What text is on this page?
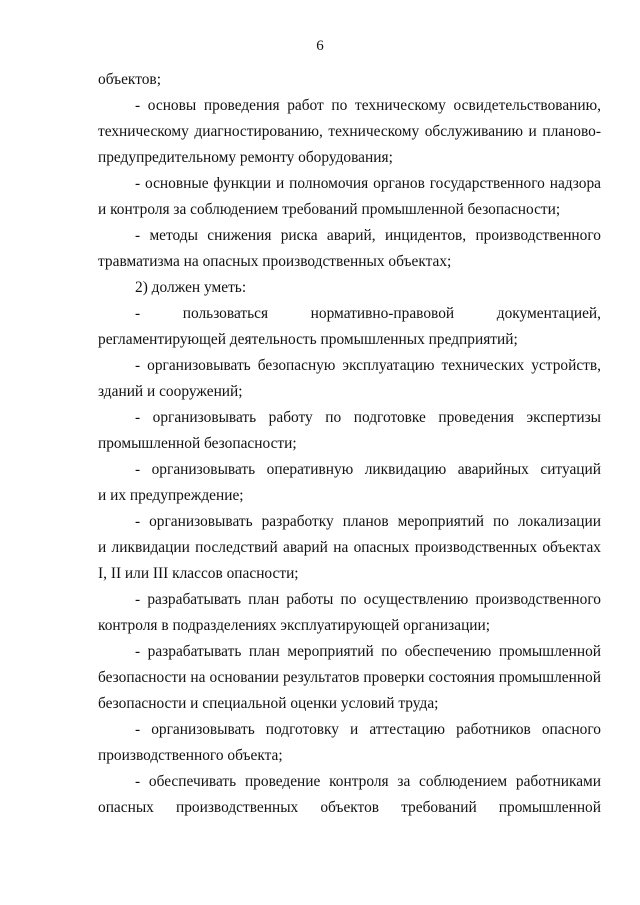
6
объектов;
- основы проведения работ по техническому освидетельствованию,
техническому диагностированию, техническому обслуживанию и планово-
предупредительному ремонту оборудования;
- основные функции и полномочия органов государственного надзора
и контроля за соблюдением требований промышленной безопасности;
- методы снижения риска аварий, инцидентов, производственного
травматизма на опасных производственных объектах;
2) должен уметь:
- пользоваться нормативно-правовой документацией,
регламентирующей деятельность промышленных предприятий;
- организовывать безопасную эксплуатацию технических устройств,
зданий и сооружений;
- организовывать работу по подготовке проведения экспертизы
промышленной безопасности;
- организовывать оперативную ликвидацию аварийных ситуаций
и их предупреждение;
- организовывать разработку планов мероприятий по локализации
и ликвидации последствий аварий на опасных производственных объектах
I, II или III классов опасности;
- разрабатывать план работы по осуществлению производственного
контроля в подразделениях эксплуатирующей организации;
- разрабатывать план мероприятий по обеспечению промышленной
безопасности на основании результатов проверки состояния промышленной
безопасности и специальной оценки условий труда;
- организовывать подготовку и аттестацию работников опасного
производственного объекта;
- обеспечивать проведение контроля за соблюдением работниками
опасных производственных объектов требований промышленной
